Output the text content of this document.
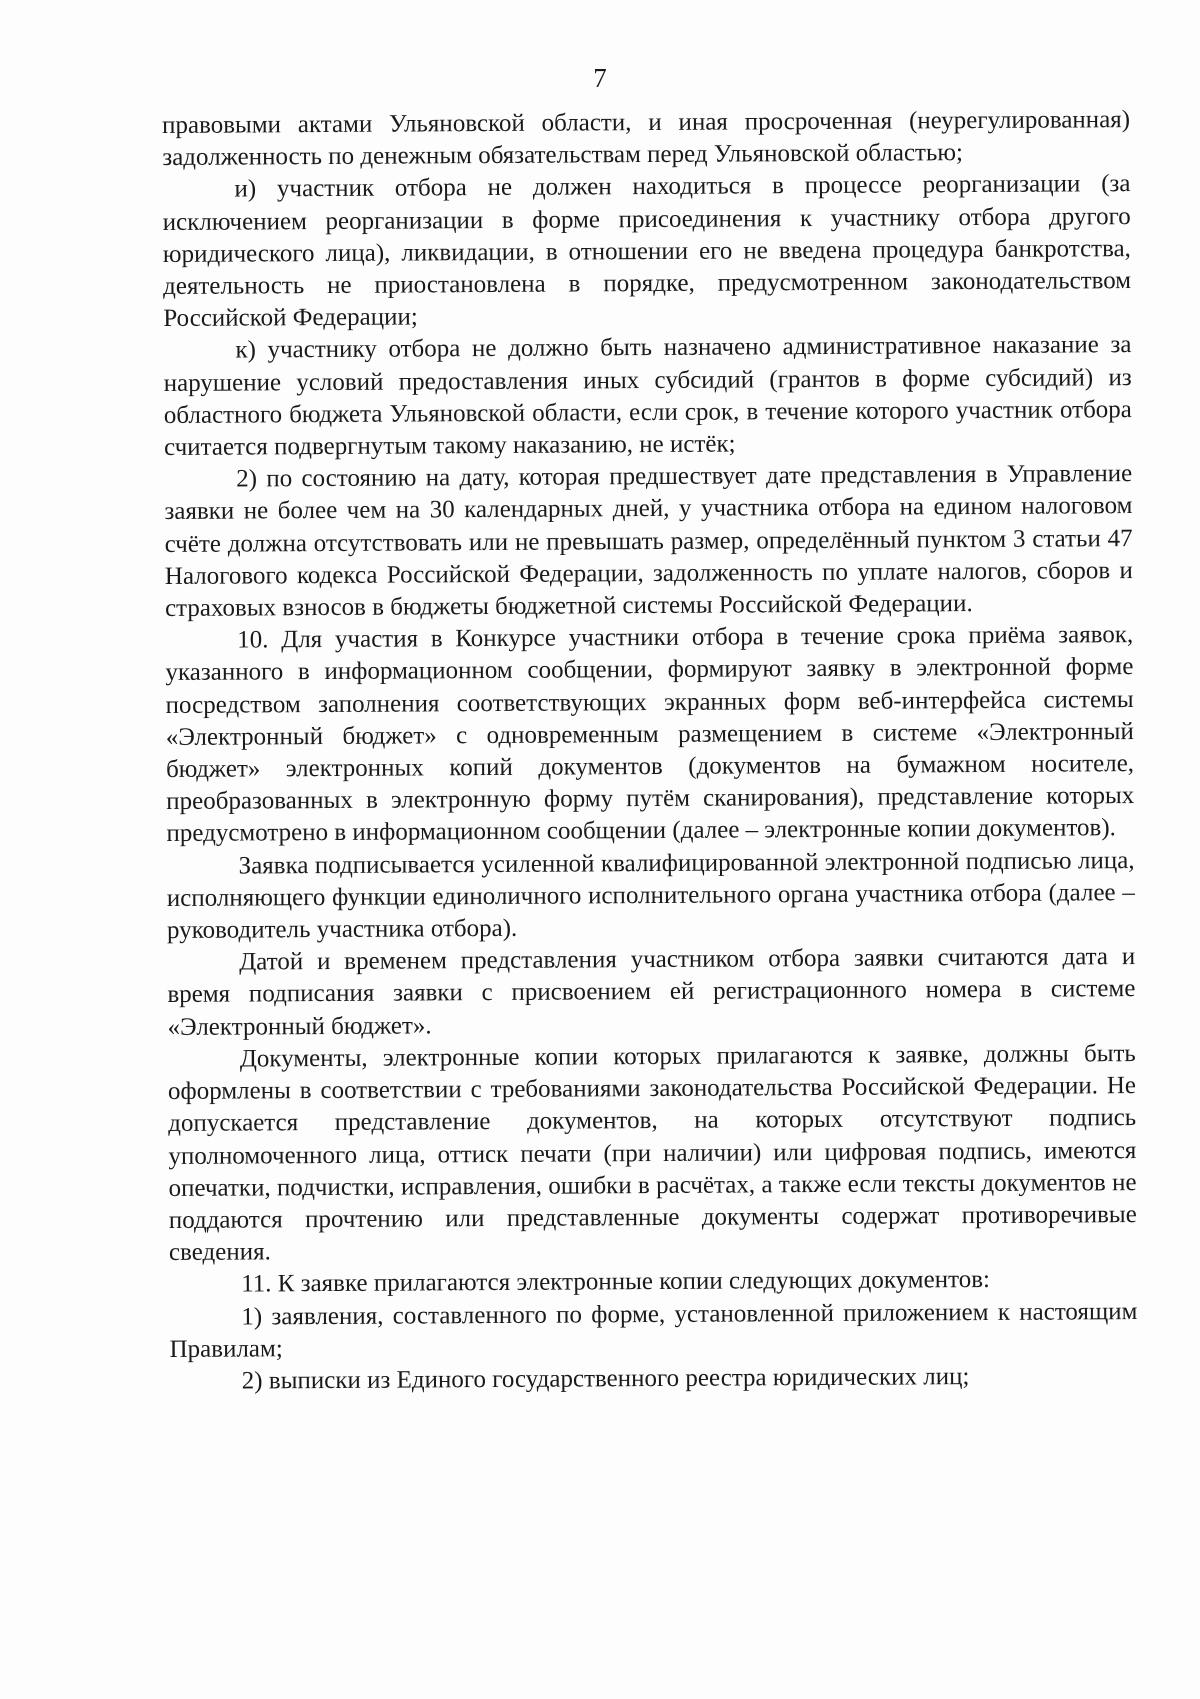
7

правовыми актами Ульяновской области, и иная просроченная (неурегулированная) задолженность по денежным обязательствам перед Ульяновской областью;

и) участник отбора не должен находиться в процессе реорганизации (за исключением реорганизации в форме присоединения к участнику отбора другого юридического лица), ликвидации, в отношении его не введена процедура банкротства, деятельность не приостановлена в порядке, предусмотренном законодательством Российской Федерации;

к) участнику отбора не должно быть назначено административное наказание за нарушение условий предоставления иных субсидий (грантов в форме субсидий) из областного бюджета Ульяновской области, если срок, в течение которого участник отбора считается подвергнутым такому наказанию, не истёк;

2) по состоянию на дату, которая предшествует дате представления в Управление заявки не более чем на 30 календарных дней, у участника отбора на едином налоговом счёте должна отсутствовать или не превышать размер, определённый пунктом 3 статьи 47 Налогового кодекса Российской Федерации, задолженность по уплате налогов, сборов и страховых взносов в бюджеты бюджетной системы Российской Федерации.

10. Для участия в Конкурсе участники отбора в течение срока приёма заявок, указанного в информационном сообщении, формируют заявку в электронной форме посредством заполнения соответствующих экранных форм веб-интерфейса системы «Электронный бюджет» с одновременным размещением в системе «Электронный бюджет» электронных копий документов (документов на бумажном носителе, преобразованных в электронную форму путём сканирования), представление которых предусмотрено в информационном сообщении (далее – электронные копии документов).

Заявка подписывается усиленной квалифицированной электронной подписью лица, исполняющего функции единоличного исполнительного органа участника отбора (далее – руководитель участника отбора).

Датой и временем представления участником отбора заявки считаются дата и время подписания заявки с присвоением ей регистрационного номера в системе «Электронный бюджет».

Документы, электронные копии которых прилагаются к заявке, должны быть оформлены в соответствии с требованиями законодательства Российской Федерации. Не допускается представление документов, на которых отсутствуют подпись уполномоченного лица, оттиск печати (при наличии) или цифровая подпись, имеются опечатки, подчистки, исправления, ошибки в расчётах, а также если тексты документов не поддаются прочтению или представленные документы содержат противоречивые сведения.

11. К заявке прилагаются электронные копии следующих документов:

1) заявления, составленного по форме, установленной приложением к настоящим Правилам;

2) выписки из Единого государственного реестра юридических лиц;
